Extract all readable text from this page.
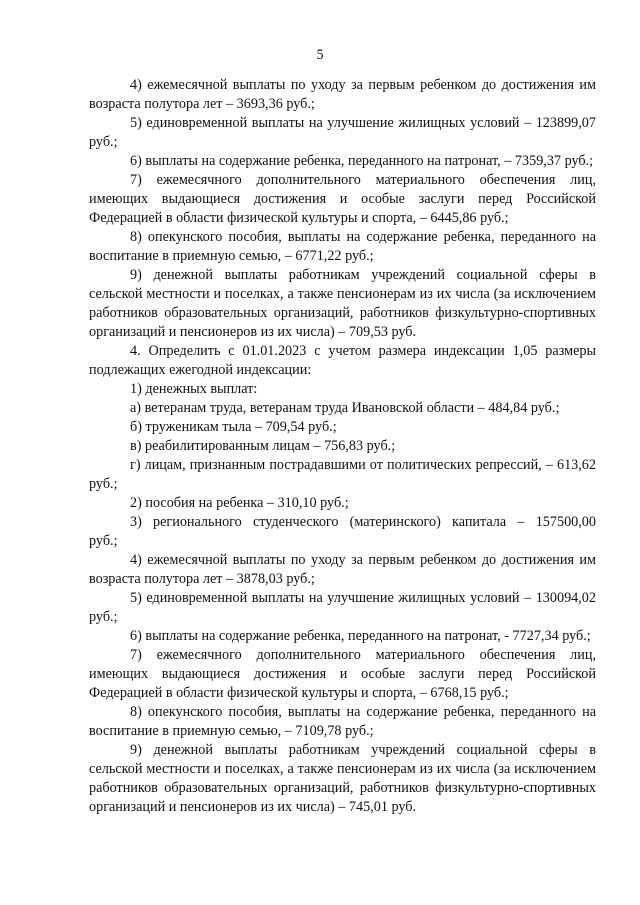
5

4) ежемесячной выплаты по уходу за первым ребенком до достижения им возраста полутора лет – 3693,36 руб.;

5) единовременной выплаты на улучшение жилищных условий – 123899,07 руб.;

6) выплаты на содержание ребенка, переданного на патронат, – 7359,37 руб.;

7) ежемесячного дополнительного материального обеспечения лиц, имеющих выдающиеся достижения и особые заслуги перед Российской Федерацией в области физической культуры и спорта, – 6445,86 руб.;

8) опекунского пособия, выплаты на содержание ребенка, переданного на воспитание в приемную семью, – 6771,22 руб.;

9) денежной выплаты работникам учреждений социальной сферы в сельской местности и поселках, а также пенсионерам из их числа (за исключением работников образовательных организаций, работников физкультурно-спортивных организаций и пенсионеров из их числа) – 709,53 руб.

4. Определить с 01.01.2023 с учетом размера индексации 1,05 размеры подлежащих ежегодной индексации:

1) денежных выплат:

а) ветеранам труда, ветеранам труда Ивановской области – 484,84 руб.;

б) труженикам тыла – 709,54 руб.;

в) реабилитированным лицам – 756,83 руб.;

г) лицам, признанным пострадавшими от политических репрессий, – 613,62 руб.;

2) пособия на ребенка – 310,10 руб.;

3) регионального студенческого (материнского) капитала – 157500,00 руб.;

4) ежемесячной выплаты по уходу за первым ребенком до достижения им возраста полутора лет – 3878,03 руб.;

5) единовременной выплаты на улучшение жилищных условий – 130094,02 руб.;

6) выплаты на содержание ребенка, переданного на патронат, - 7727,34 руб.;

7) ежемесячного дополнительного материального обеспечения лиц, имеющих выдающиеся достижения и особые заслуги перед Российской Федерацией в области физической культуры и спорта, – 6768,15 руб.;

8) опекунского пособия, выплаты на содержание ребенка, переданного на воспитание в приемную семью, – 7109,78 руб.;

9) денежной выплаты работникам учреждений социальной сферы в сельской местности и поселках, а также пенсионерам из их числа (за исключением работников образовательных организаций, работников физкультурно-спортивных организаций и пенсионеров из их числа) – 745,01 руб.
